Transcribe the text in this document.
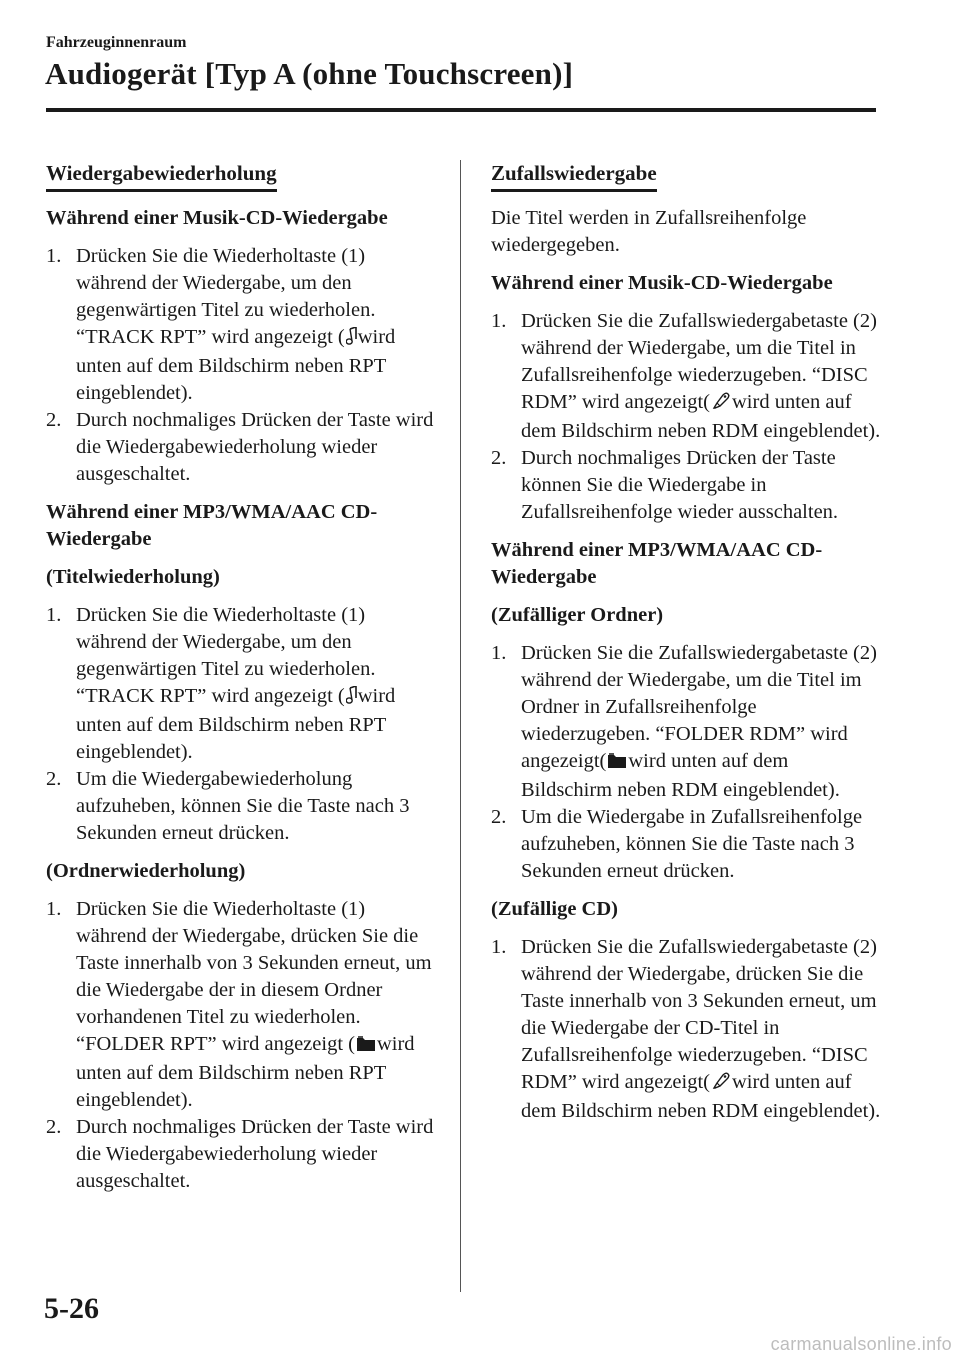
Fahrzeuginnenraum
Audiogerät [Typ A (ohne Touchscreen)]
Wiedergabewiederholung
Während einer Musik-CD-Wiedergabe
1. Drücken Sie die Wiederholtaste (1) während der Wiedergabe, um den gegenwärtigen Titel zu wiederholen. “TRACK RPT” wird angezeigt ( wird unten auf dem Bildschirm neben RPT eingeblendet).
2. Durch nochmaliges Drücken der Taste wird die Wiedergabewiederholung wieder ausgeschaltet.
Während einer MP3/WMA/AAC CD-Wiedergabe
(Titelwiederholung)
1. Drücken Sie die Wiederholtaste (1) während der Wiedergabe, um den gegenwärtigen Titel zu wiederholen. “TRACK RPT” wird angezeigt ( wird unten auf dem Bildschirm neben RPT eingeblendet).
2. Um die Wiedergabewiederholung aufzuheben, können Sie die Taste nach 3 Sekunden erneut drücken.
(Ordnerwiederholung)
1. Drücken Sie die Wiederholtaste (1) während der Wiedergabe, drücken Sie die Taste innerhalb von 3 Sekunden erneut, um die Wiedergabe der in diesem Ordner vorhandenen Titel zu wiederholen. “FOLDER RPT” wird angezeigt ( wird unten auf dem Bildschirm neben RPT eingeblendet).
2. Durch nochmaliges Drücken der Taste wird die Wiedergabewiederholung wieder ausgeschaltet.
Zufallswiedergabe
Die Titel werden in Zufallsreihenfolge wiedergegeben.
Während einer Musik-CD-Wiedergabe
1. Drücken Sie die Zufallswiedergabetaste (2) während der Wiedergabe, um die Titel in Zufallsreihenfolge wiederzugeben. “DISC RDM” wird angezeigt( wird unten auf dem Bildschirm neben RDM eingeblendet).
2. Durch nochmaliges Drücken der Taste können Sie die Wiedergabe in Zufallsreihenfolge wieder ausschalten.
Während einer MP3/WMA/AAC CD-Wiedergabe
(Zufälliger Ordner)
1. Drücken Sie die Zufallswiedergabetaste (2) während der Wiedergabe, um die Titel im Ordner in Zufallsreihenfolge wiederzugeben. “FOLDER RDM” wird angezeigt( wird unten auf dem Bildschirm neben RDM eingeblendet).
2. Um die Wiedergabe in Zufallsreihenfolge aufzuheben, können Sie die Taste nach 3 Sekunden erneut drücken.
(Zufällige CD)
1. Drücken Sie die Zufallswiedergabetaste (2) während der Wiedergabe, drücken Sie die Taste innerhalb von 3 Sekunden erneut, um die Wiedergabe der CD-Titel in Zufallsreihenfolge wiederzugeben. “DISC RDM” wird angezeigt( wird unten auf dem Bildschirm neben RDM eingeblendet).
5-26
carmanualsonline.info
